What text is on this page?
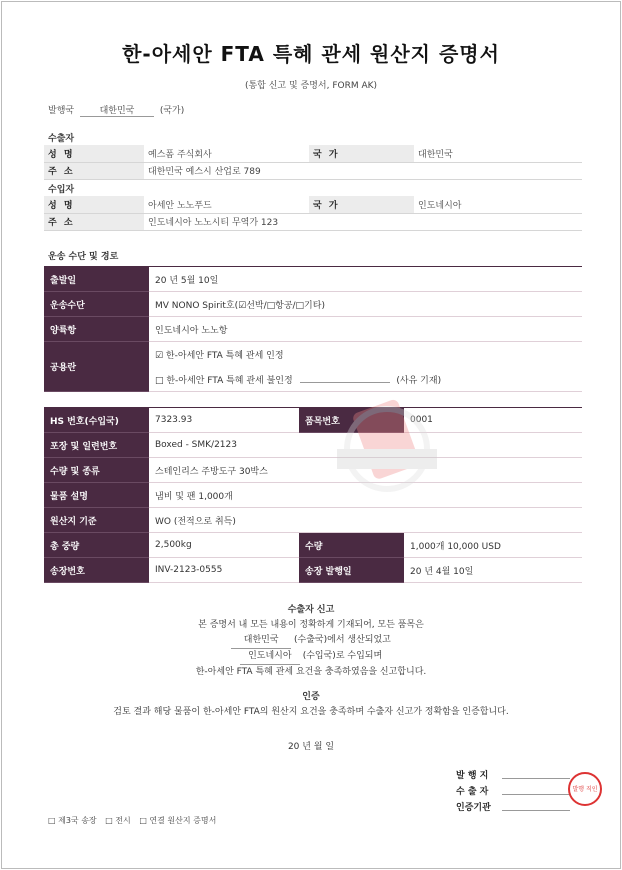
한-아세안 FTA 특혜 관세 원산지 증명서
(통합 신고 및 증명서, FORM AK)
발행국	대한민국	(국가)
수출자
성 명	예스폼 주식회사	국 가	대한민국
주 소	대한민국 예스시 산업로 789		
수입자
성 명	아세안 노노푸드	국 가	인도네시아
주 소	인도네시아 노노시티 무역가 123		
운송 수단 및 경로
출발일	20 년 5월 10일
운송수단	MV NONO Spirit호(☑선박/□항공/□기타)
양륙항	인도네시아 노노항
공용란	☑ 한-아세안 FTA 특혜 관세 인정
□ 한-아세안 FTA 특혜 관세 불인정 (사유 기재)
HS 번호(수입국)	7323.93	품목번호	0001
포장 및 일련번호	Boxed - SMK/2123		
수량 및 종류	스테인리스 주방도구 30박스		
물품 설명	냄비 및 팬 1,000개		
원산지 기준	WO (전적으로 취득)		
총 중량	2,500kg	수량	1,000개 10,000 USD
송장번호	INV-2123-0555	송장 발행일	20 년 4월 10일
수출자 신고
본 증명서 내 모든 내용이 정확하게 기재되어, 모든 품목은
대한민국 (수출국)에서 생산되었고
인도네시아 (수입국)로 수입되며
한-아세안 FTA 특혜 관세 요건을 충족하였음을 신고합니다.
인증
검토 결과 해당 물품이 한-아세안 FTA의 원산지 요건을 충족하며 수출자 신고가 정확함을 인증합니다.
20 년 월 일
발 행 지
수 출 자
인증기관
발행 직인
□ 제3국 송장 □ 전시 □ 연결 원산지 증명서
